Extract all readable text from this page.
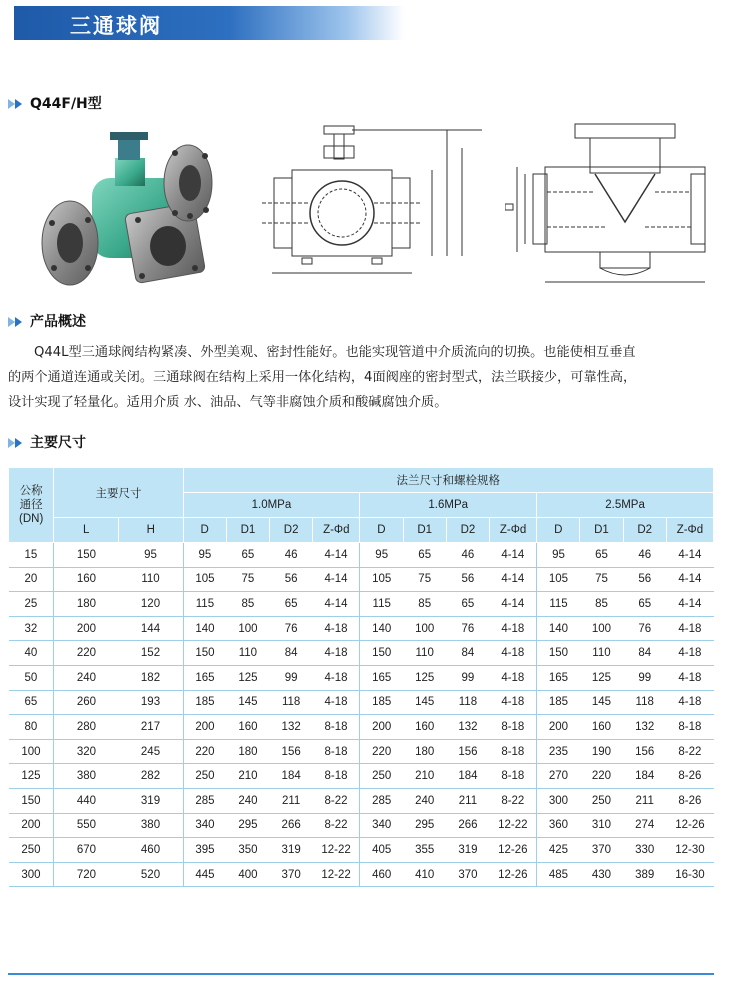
三通球阀
Q44F/H型
产品概述

Q44L型三通球阀结构紧凑、外型美观、密封性能好。也能实现管道中介质流向的切换。也能使相互垂直

的两个通道连通或关闭。三通球阀在结构上采用一体化结构，4面阀座的密封型式，法兰联接少，可靠性高，

设计实现了轻量化。适用介质 水、油品、气等非腐蚀介质和酸碱腐蚀介质。

主要尺寸
公称
通径
(DN)	主要尺寸		法兰尺寸和螺栓规格											
			1.0MPa				1.6MPa				2.5MPa			
	L	H	D	D1	D2	Z-Φd	D	D1	D2	Z-Φd	D	D1	D2	Z-Φd
15	150	95	95	65	46	4-14	95	65	46	4-14	95	65	46	4-14
20	160	110	105	75	56	4-14	105	75	56	4-14	105	75	56	4-14
25	180	120	115	85	65	4-14	115	85	65	4-14	115	85	65	4-14
32	200	144	140	100	76	4-18	140	100	76	4-18	140	100	76	4-18
40	220	152	150	110	84	4-18	150	110	84	4-18	150	110	84	4-18
50	240	182	165	125	99	4-18	165	125	99	4-18	165	125	99	4-18
65	260	193	185	145	118	4-18	185	145	118	4-18	185	145	118	4-18
80	280	217	200	160	132	8-18	200	160	132	8-18	200	160	132	8-18
100	320	245	220	180	156	8-18	220	180	156	8-18	235	190	156	8-22
125	380	282	250	210	184	8-18	250	210	184	8-18	270	220	184	8-26
150	440	319	285	240	211	8-22	285	240	211	8-22	300	250	211	8-26
200	550	380	340	295	266	8-22	340	295	266	12-22	360	310	274	12-26
250	670	460	395	350	319	12-22	405	355	319	12-26	425	370	330	12-30
300	720	520	445	400	370	12-22	460	410	370	12-26	485	430	389	16-30
